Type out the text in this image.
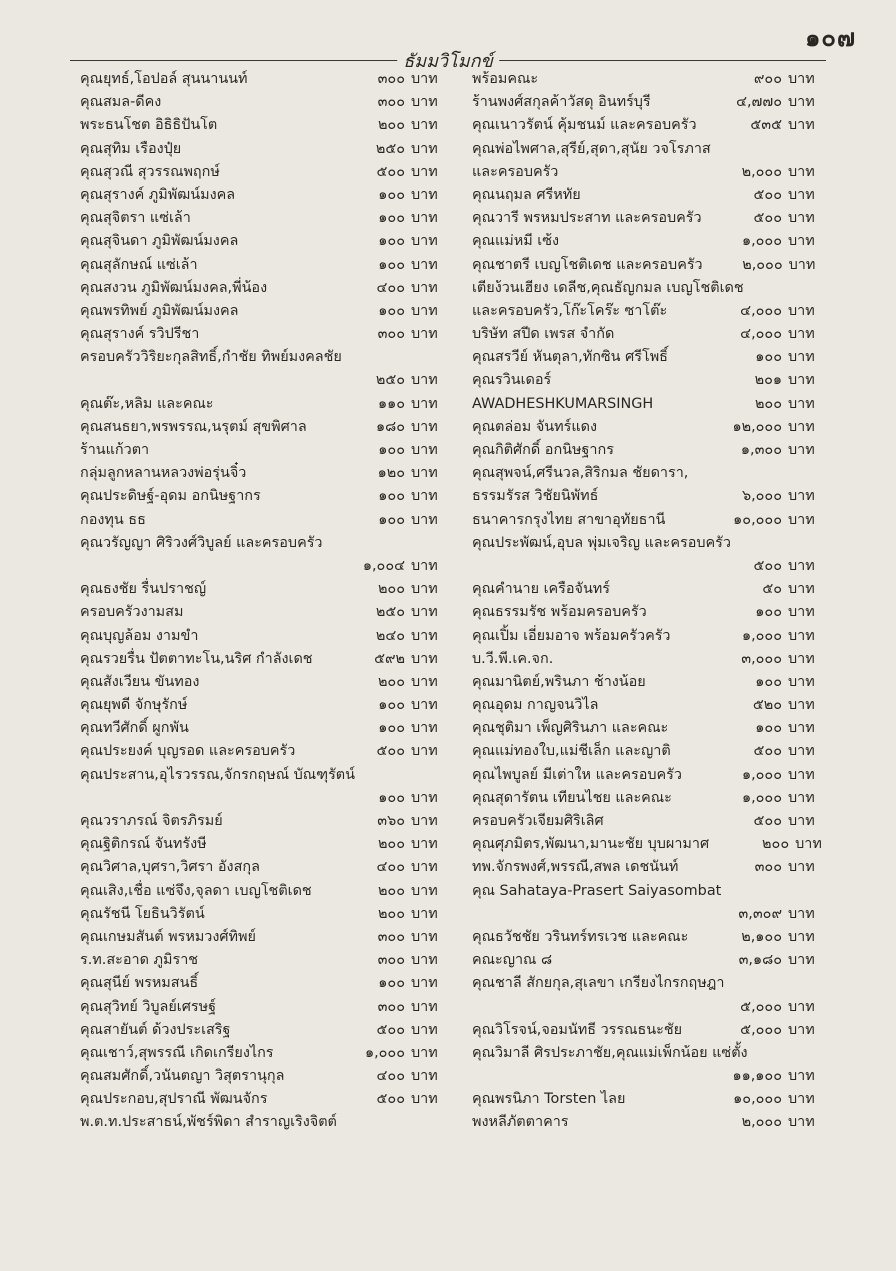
๑๐๗
ธัมมวิโมกข์
คุณยุทธ์,โอปอล์ สุนนานนท์	๓๐๐ บาท
คุณสมล-ดีคง	๓๐๐ บาท
พระธนโชต อิธิธิปันโต	๒๐๐ บาท
คุณสุทิม เรืองปุ๋ย	๒๕๐ บาท
คุณสุวณี สุวรรณพฤกษ์	๕๐๐ บาท
คุณสุรางค์ ภูมิพัฒน์มงคล	๑๐๐ บาท
คุณสุจิตรา แซ่เล้า	๑๐๐ บาท
คุณสุจินดา ภูมิพัฒน์มงคล	๑๐๐ บาท
คุณสุลักษณ์ แซ่เล้า	๑๐๐ บาท
คุณสงวน ภูมิพัฒน์มงคล,พี่น้อง	๔๐๐ บาท
คุณพรทิพย์ ภูมิพัฒน์มงคล	๑๐๐ บาท
คุณสุรางค์ รวิปรีชา	๓๐๐ บาท
ครอบครัววิริยะกุลสิทธิ์,กำชัย ทิพย์มงคลชัย
๒๕๐ บาท
คุณต๊ะ,หลิม และคณะ	๑๑๐ บาท
คุณสนธยา,พรพรรณ,นรุตม์ สุขพิศาล	๑๘๐ บาท
ร้านแก้วตา	๑๐๐ บาท
กลุ่มลูกหลานหลวงพ่อรุ่นจิ๋ว	๑๒๐ บาท
คุณประดิษฐ์-อุดม อกนิษฐากร	๑๐๐ บาท
กองทุน ธธ	๑๐๐ บาท
คุณวรัญญา ศิริวงศ์วิบูลย์ และครอบครัว
๑,๐๐๔ บาท
คุณธงชัย รื่นปราชญ์	๒๐๐ บาท
ครอบครัวงามสม	๒๕๐ บาท
คุณบุญล้อม งามขำ	๒๔๐ บาท
คุณรวยรื่น ปัตตาทะโน,นริศ กำลังเดช	๕๙๒ บาท
คุณสังเวียน ขันทอง	๒๐๐ บาท
คุณยุพดี จักษุรักษ์	๑๐๐ บาท
คุณทวีศักดิ์ ผูกพัน	๑๐๐ บาท
คุณประยงค์ บุญรอด และครอบครัว	๕๐๐ บาท
คุณประสาน,อุไรวรรณ,จักรกฤษณ์ บัณฑุรัตน์
๑๐๐ บาท
คุณวราภรณ์ จิตรภิรมย์	๓๖๐ บาท
คุณฐิติกรณ์ จันทรังษี	๒๐๐ บาท
คุณวิศาล,บุศรา,วิศรา อังสกุล	๔๐๐ บาท
คุณเสิง,เชื่อ แซ่จึง,จุลดา เบญโชติเดช	๒๐๐ บาท
คุณรัชนี โยธินวิรัตน์	๒๐๐ บาท
คุณเกษมสันต์ พรหมวงศ์ทิพย์	๓๐๐ บาท
ร.ท.สะอาด ภูมิราช	๓๐๐ บาท
คุณสุนีย์ พรหมสนธิ์	๑๐๐ บาท
คุณสุวิทย์ วิบูลย์เศรษฐ์	๓๐๐ บาท
คุณสายันต์ ด้วงประเสริฐ	๕๐๐ บาท
คุณเชาว์,สุพรรณี เกิดเกรียงไกร	๑,๐๐๐ บาท
คุณสมศักดิ์,วนันตญา วิสุตรานุกุล	๔๐๐ บาท
คุณประกอบ,สุปราณี พัฒนจักร	๕๐๐ บาท
พ.ต.ท.ประสาธน์,พัชร์พิดา สำราญเริงจิตต์
พร้อมคณะ	๙๐๐ บาท
ร้านพงศ์สกุลค้าวัสดุ อินทร์บุรี	๔,๗๗๐ บาท
คุณเนาวรัตน์ คุ้มชนม์ และครอบครัว	๕๓๕ บาท
คุณพ่อไพศาล,สุรีย์,สุดา,สุนัย วจโรภาส
และครอบครัว	๒,๐๐๐ บาท
คุณนฤมล ศรีหทัย	๕๐๐ บาท
คุณวารี พรหมประสาท และครอบครัว	๕๐๐ บาท
คุณแม่หมี เซ้ง	๑,๐๐๐ บาท
คุณชาตรี เบญโชติเดช และครอบครัว	๒,๐๐๐ บาท
เตียง้วนเฮียง เดลีช,คุณธัญกมล เบญโชติเดช
และครอบครัว,โก๊ะโคร๊ะ ซาโต๊ะ	๔,๐๐๐ บาท
บริษัท สปีด เพรส จำกัด	๔,๐๐๐ บาท
คุณสรวีย์ หันตุลา,ทักซิน ศรีโพธิ์	๑๐๐ บาท
คุณรวินเดอร์	๒๐๑ บาท
AWADHESHKUMARSINGH	๒๐๐ บาท
คุณตล่อม จันทร์แดง	๑๒,๐๐๐ บาท
คุณกิติศักดิ์ อกนิษฐากร	๑,๓๐๐ บาท
คุณสุพจน์,ศรีนวล,สิริกมล ชัยดารา,
ธรรมรัรส วิชัยนิพัทธ์	๖,๐๐๐ บาท
ธนาคารกรุงไทย สาขาอุทัยธานี	๑๐,๐๐๐ บาท
คุณประพัฒน์,อุบล พุ่มเจริญ และครอบครัว
๕๐๐ บาท
คุณคำนาย เครือจันทร์	๕๐ บาท
คุณธรรมรัช พร้อมครอบครัว	๑๐๐ บาท
คุณเปิ้ม เอี่ยมอาจ พร้อมครัวครัว	๑,๐๐๐ บาท
บ.วี.พี.เค.จก.	๓,๐๐๐ บาท
คุณมานิตย์,พรินภา ช้างน้อย	๑๐๐ บาท
คุณอุดม กาญจนวิไล	๕๒๐ บาท
คุณชุติมา เพ็ญศิรินภา และคณะ	๑๐๐ บาท
คุณแม่ทองใบ,แม่ชีเล็ก และญาติ	๕๐๐ บาท
คุณไพบูลย์ มีเต่าให และครอบครัว	๑,๐๐๐ บาท
คุณสุดารัตน เทียนไชย และคณะ	๑,๐๐๐ บาท
ครอบครัวเจียมศิริเลิศ	๕๐๐ บาท
คุณศุภมิตร,พัฒนา,มานะชัย บุบผามาศ	๒๐๐ บาท
ทพ.จักรพงศ์,พรรณี,สพล เดชนันท์	๓๐๐ บาท
คุณ Sahataya-Prasert Saiyasombat
๓,๓๐๙ บาท
คุณธวัชชัย วรินทร์ทรเวช และคณะ	๒,๑๐๐ บาท
คณะญาณ ๘	๓,๑๘๐ บาท
คุณชาลี สักยกุล,สุเลขา เกรียงไกรกฤษฎา
๕,๐๐๐ บาท
คุณวิโรจน์,จอมนัทธี วรรณธนะชัย	๕,๐๐๐ บาท
คุณวิมาลี ศิรประภาชัย,คุณแม่เพ็กน้อย แซ่ตั้ง
๑๑,๑๐๐ บาท
คุณพรนิภา Torsten ไลย	๑๐,๐๐๐ บาท
พงหลีภัตตาคาร	๒,๐๐๐ บาท
